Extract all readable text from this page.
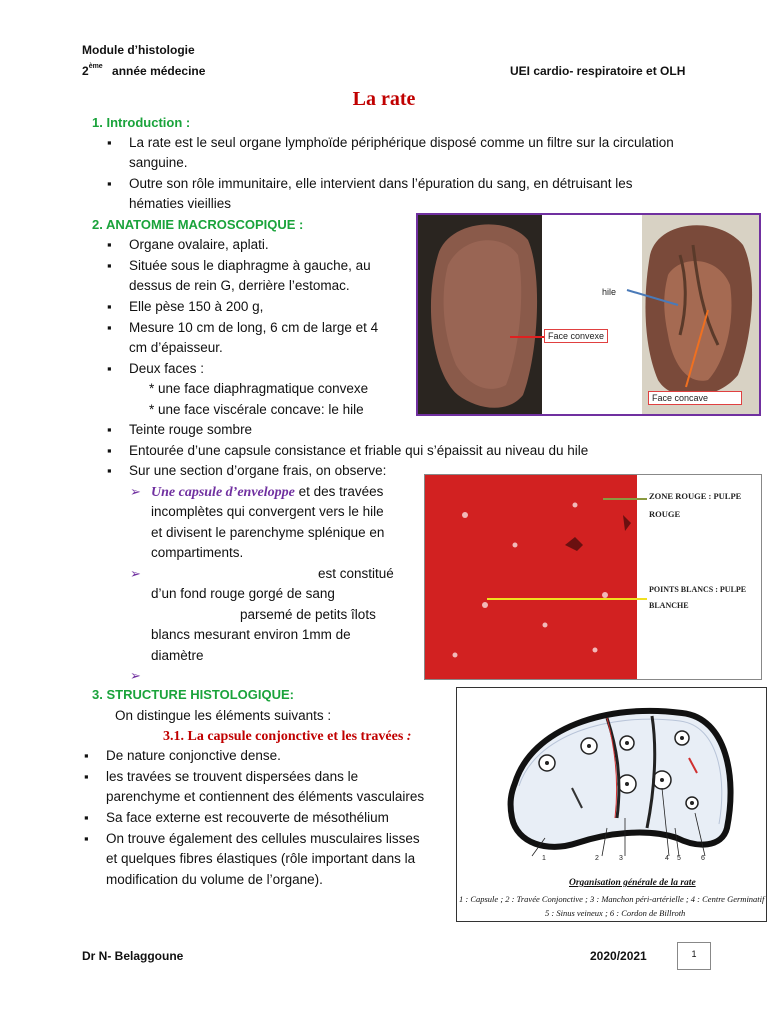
Module d’histologie
2ème année médecine	UEI cardio- respiratoire et OLH
La rate
1. Introduction :
▪ La rate est le seul organe lymphoïde périphérique disposé comme un filtre sur la circulation
sanguine.
▪ Outre son rôle immunitaire, elle intervient dans l’épuration du sang, en détruisant les
hématies vieillies
2. ANATOMIE MACROSCOPIQUE :
▪ Organe ovalaire, aplati.
▪ Située sous le diaphragme à gauche, au
dessus de rein G, derrière l’estomac.
▪ Elle pèse 150 à 200 g,
▪ Mesure 10 cm de long, 6 cm de large et 4
cm d’épaisseur.
▪ Deux faces :
* une face diaphragmatique convexe
* une face viscérale concave: le hile
▪ Teinte rouge sombre
▪ Entourée d’une capsule consistance et friable qui s’épaissit au niveau du hile
▪ Sur une section d’organe frais, on observe:
➢ Une capsule d’enveloppe et des travées
incomplètes qui convergent vers le hile
et divisent le parenchyme splénique en
compartiments.
➢	est constitué
d’un fond rouge gorgé de sang
parsemé de petits îlots
blancs mesurant environ 1mm de
diamètre
➢
3. STRUCTURE HISTOLOGIQUE:
On distingue les éléments suivants :
3.1. La capsule conjonctive et les travées :
▪ De nature conjonctive dense.
▪ les travées se trouvent dispersées dans le
parenchyme et contiennent des éléments vasculaires
▪ Sa face externe est recouverte de mésothélium
▪ On trouve également des cellules musculaires lisses
et quelques fibres élastiques (rôle important dans la
modification du volume de l’organe).
hile
Face convexe
Face concave
ZONE ROUGE : PULPE
ROUGE
POINTS BLANCS : PULPE
BLANCHE
1	2	3	4 5	6
Organisation générale de la rate
1 : Capsule ; 2 : Travée Conjonctive ; 3 : Manchon péri-artérielle ; 4 : Centre Germinatif
5 : Sinus veineux ; 6 : Cordon de Billroth
Dr N- Belaggoune	2020/2021	1
